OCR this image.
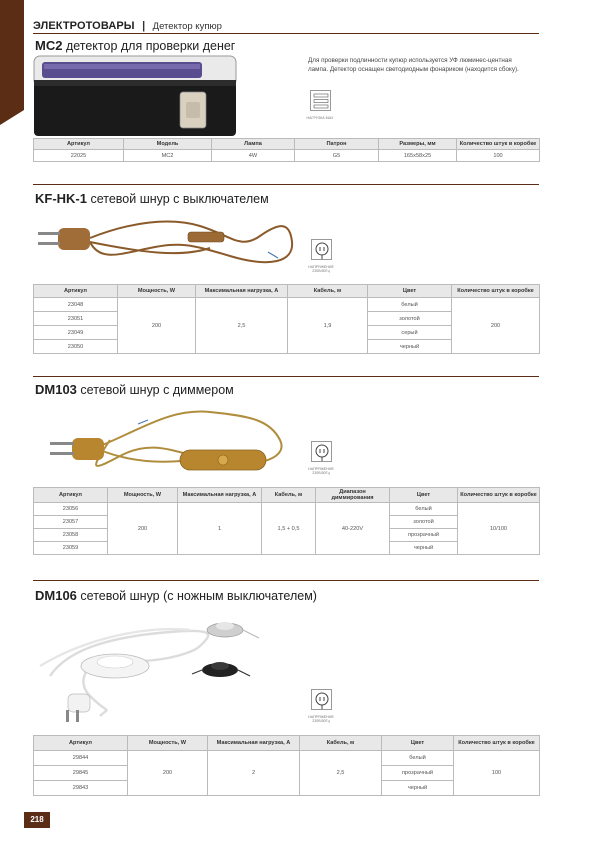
ЭЛЕКТРОТОВАРЫ | Детектор купюр
MC2 детектор для проверки денег
Для проверки подлинности купюр используется УФ люминес-центная лампа. Детектор оснащен светодиодным фонариком (находится сбоку).
НАГРУЗКА МАХ
Артикул	Модель	Лампа	Патрон	Размеры, мм	Количество штук в коробке
22025	MC2	4W	G5	165х58х25	100
KF-HK-1 сетевой шнур с выключателем
НАПРЯЖЕНИЕ 230В/50Гц
Артикул	Мощность, W	Максимальная нагрузка, А	Кабель, м	Цвет	Количество штук в коробке
23048	200	2,5	1,9	белый	200
23051				золотой	
23049				серый	
23050				черный	
DM103 сетевой шнур с диммером
НАПРЯЖЕНИЕ 230В/50Гц
Артикул	Мощность, W	Максимальная нагрузка, А	Кабель, м	Диапазон диммирования	Цвет	Количество штук в коробке
23056	200	1	1,5 + 0,5	40-220V	белый	10/100
23057					золотой	
23058					прозрачный	
23059					черный	
DM106 сетевой шнур (с ножным выключателем)
НАПРЯЖЕНИЕ 230В/50Гц
Артикул	Мощность, W	Максимальная нагрузка, А	Кабель, м	Цвет	Количество штук в коробке
29844	200	2	2,5	белый	100
29845				прозрачный	
29843				черный	
218
